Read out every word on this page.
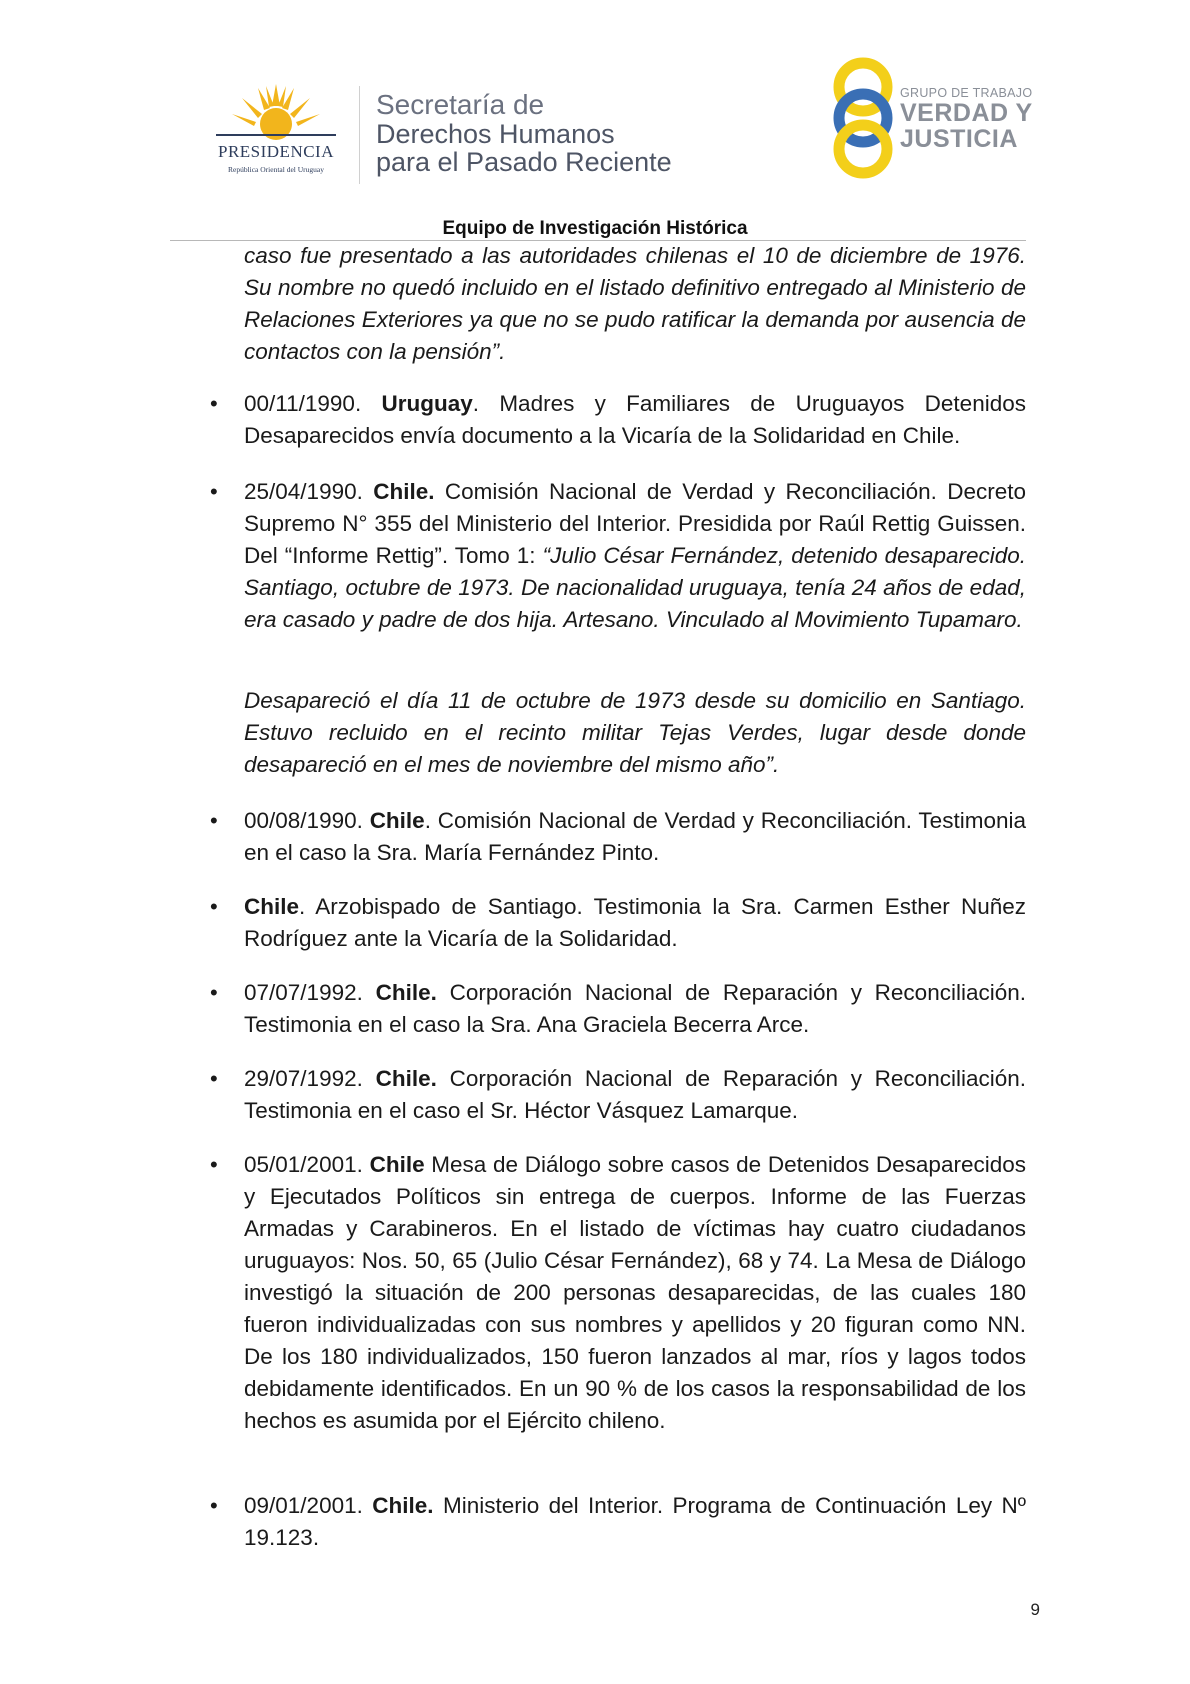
PRESIDENCIA
República Oriental del Uruguay
Secretaría de
Derechos Humanos
para el Pasado Reciente
GRUPO DE TRABAJO
VERDAD Y
JUSTICIA
Equipo de Investigación Histórica
caso fue presentado a las autoridades chilenas el 10 de diciembre de 1976. Su nombre no quedó incluido en el listado definitivo entregado al Ministerio de Relaciones Exteriores ya que no se pudo ratificar la demanda por ausencia de contactos con la pensión”.
•	00/11/1990. Uruguay. Madres y Familiares de Uruguayos Detenidos Desaparecidos envía documento a la Vicaría de la Solidaridad en Chile.
•	25/04/1990. Chile. Comisión Nacional de Verdad y Reconciliación. Decreto Supremo N° 355 del Ministerio del Interior. Presidida por Raúl Rettig Guissen. Del “Informe Rettig”. Tomo 1: “Julio César Fernández, detenido desaparecido. Santiago, octubre de 1973. De nacionalidad uruguaya, tenía 24 años de edad, era casado y padre de dos hija. Artesano. Vinculado al Movimiento Tupamaro.
Desapareció el día 11 de octubre de 1973 desde su domicilio en Santiago. Estuvo recluido en el recinto militar Tejas Verdes, lugar desde donde desapareció en el mes de noviembre del mismo año”.
•	00/08/1990. Chile. Comisión Nacional de Verdad y Reconciliación. Testimonia en el caso la Sra. María Fernández Pinto.
•	Chile. Arzobispado de Santiago. Testimonia la Sra. Carmen Esther Nuñez Rodríguez ante la Vicaría de la Solidaridad.
•	07/07/1992. Chile. Corporación Nacional de Reparación y Reconciliación. Testimonia en el caso la Sra. Ana Graciela Becerra Arce.
•	29/07/1992. Chile. Corporación Nacional de Reparación y Reconciliación. Testimonia en el caso el Sr. Héctor Vásquez Lamarque.
•	05/01/2001. Chile Mesa de Diálogo sobre casos de Detenidos Desaparecidos y Ejecutados Políticos sin entrega de cuerpos. Informe de las Fuerzas Armadas y Carabineros. En el listado de víctimas hay cuatro ciudadanos uruguayos: Nos. 50, 65 (Julio César Fernández), 68 y 74. La Mesa de Diálogo investigó la situación de 200 personas desaparecidas, de las cuales 180 fueron individualizadas con sus nombres y apellidos y 20 figuran como NN. De los 180 individualizados, 150 fueron lanzados al mar, ríos y lagos todos debidamente identificados. En un 90 % de los casos la responsabilidad de los hechos es asumida por el Ejército chileno.
•	09/01/2001. Chile. Ministerio del Interior. Programa de Continuación Ley Nº 19.123.
9
